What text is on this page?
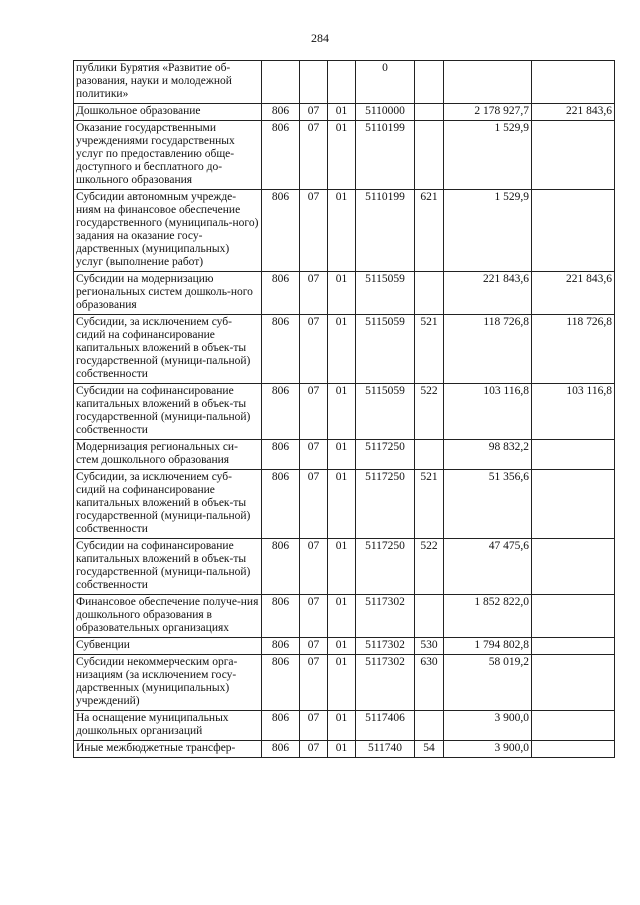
284
публики Бурятия «Развитие об-разования, науки и молодежной политики»				0			
Дошкольное образование	806	07	01	5110000		2 178 927,7	221 843,6
Оказание государственными учреждениями государственных услуг по предоставлению обще-доступного и бесплатного до-школьного образования	806	07	01	5110199		1 529,9	
Субсидии автономным учрежде-ниям на финансовое обеспечение государственного (муниципаль-ного) задания на оказание госу-дарственных (муниципальных) услуг (выполнение работ)	806	07	01	5110199	621	1 529,9	
Субсидии на модернизацию региональных систем дошколь-ного образования	806	07	01	5115059		221 843,6	221 843,6
Субсидии, за исключением суб-сидий на софинансирование капитальных вложений в объек-ты государственной (муници-пальной) собственности	806	07	01	5115059	521	118 726,8	118 726,8
Субсидии на софинансирование капитальных вложений в объек-ты государственной (муници-пальной) собственности	806	07	01	5115059	522	103 116,8	103 116,8
Модернизация региональных си-стем дошкольного образования	806	07	01	5117250		98 832,2	
Субсидии, за исключением суб-сидий на софинансирование капитальных вложений в объек-ты государственной (муници-пальной) собственности	806	07	01	5117250	521	51 356,6	
Субсидии на софинансирование капитальных вложений в объек-ты государственной (муници-пальной) собственности	806	07	01	5117250	522	47 475,6	
Финансовое обеспечение получе-ния дошкольного образования в образовательных организациях	806	07	01	5117302		1 852 822,0	
Субвенции	806	07	01	5117302	530	1 794 802,8	
Субсидии некоммерческим орга-низациям (за исключением госу-дарственных (муниципальных) учреждений)	806	07	01	5117302	630	58 019,2	
На оснащение муниципальных дошкольных организаций	806	07	01	5117406		3 900,0	
Иные межбюджетные трансфер-	806	07	01	511740	54	3 900,0	
